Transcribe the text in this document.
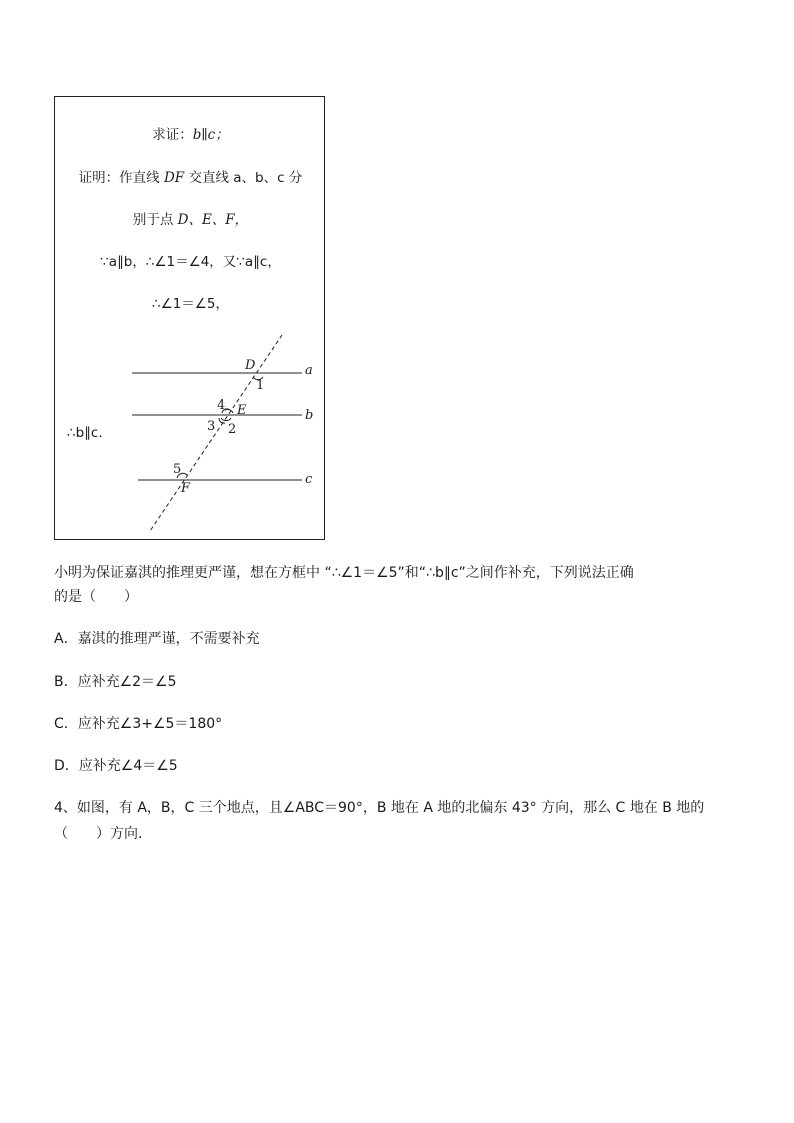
求证：b∥c；
证明：作直线 DF 交直线 a、b、c 分
别于点 D、E、F，
∵a∥b，∴∠1＝∠4，又∵a∥c，
∴∠1＝∠5，
∴b∥c.
D	a
1
4 E	b
3 2
5
F
c
小明为保证嘉淇的推理更严谨，想在方框中 “∴∠1＝∠5”和“∴b∥c”之间作补充，下列说法正确
的是（　　）
A．嘉淇的推理严谨，不需要补充
B．应补充∠2＝∠5
C．应补充∠3+∠5＝180°
D．应补充∠4＝∠5
4、如图，有 A，B，C 三个地点，且∠ABC＝90°，B 地在 A 地的北偏东 43° 方向，那么 C 地在 B 地的
（　　）方向.
